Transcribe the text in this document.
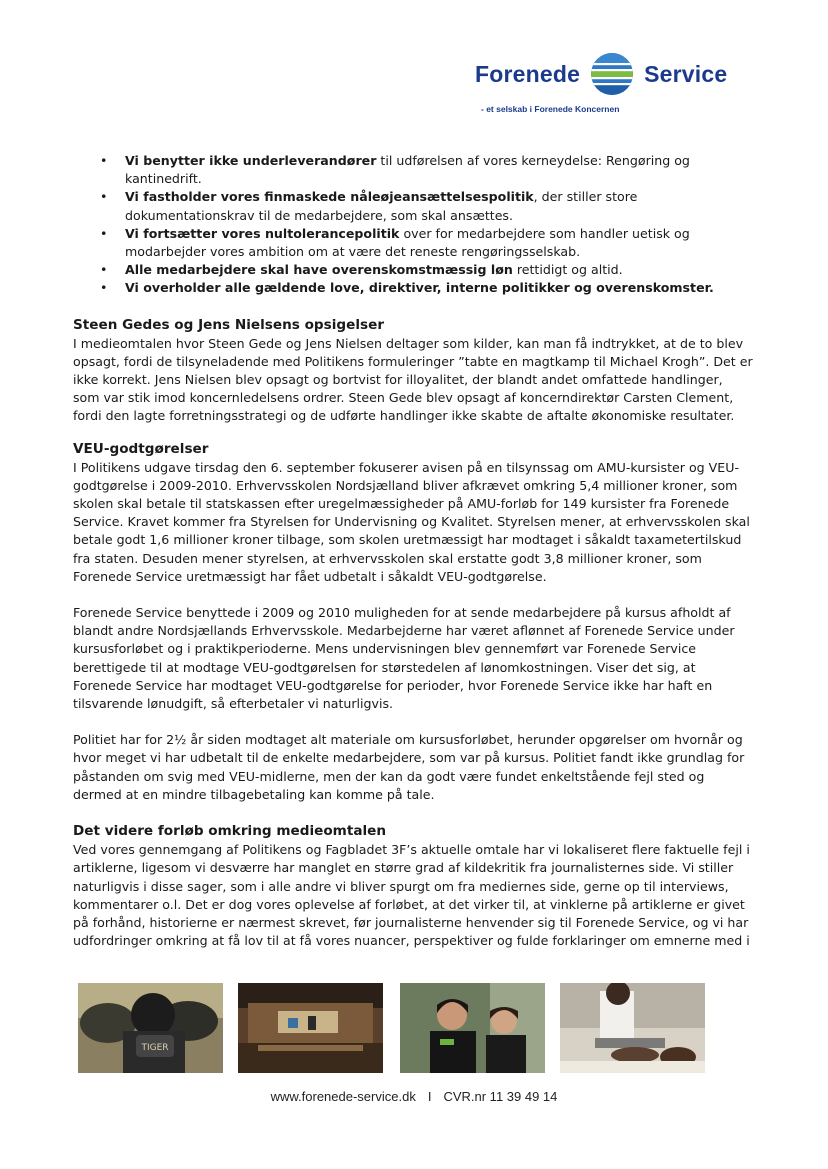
Forenede	Service
- et selskab i Forenede Koncernen
• Vi benytter ikke underleverandører til udførelsen af vores kerneydelse: Rengøring og kantinedrift.
• Vi fastholder vores finmaskede nåleøjeansættelsespolitik, der stiller store dokumentationskrav til de medarbejdere, som skal ansættes.
• Vi fortsætter vores nultolerancepolitik over for medarbejdere som handler uetisk og modarbejder vores ambition om at være det reneste rengøringsselskab.
• Alle medarbejdere skal have overenskomstmæssig løn rettidigt og altid.
• Vi overholder alle gældende love, direktiver, interne politikker og overenskomster.
Steen Gedes og Jens Nielsens opsigelser

I medieomtalen hvor Steen Gede og Jens Nielsen deltager som kilder, kan man få indtrykket, at de to blev opsagt, fordi de tilsyneladende med Politikens formuleringer ”tabte en magtkamp til Michael Krogh”. Det er ikke korrekt. Jens Nielsen blev opsagt og bortvist for illoyalitet, der blandt andet omfattede handlinger, som var stik imod koncernledelsens ordrer. Steen Gede blev opsagt af koncerndirektør Carsten Clement, fordi den lagte forretningsstrategi og de udførte handlinger ikke skabte de aftalte økonomiske resultater.

VEU-godtgørelser

I Politikens udgave tirsdag den 6. september fokuserer avisen på en tilsynssag om AMU-kursister og VEU-godtgørelse i 2009-2010. Erhvervsskolen Nordsjælland bliver afkrævet omkring 5,4 millioner kroner, som skolen skal betale til statskassen efter uregelmæssigheder på AMU-forløb for 149 kursister fra Forenede Service. Kravet kommer fra Styrelsen for Undervisning og Kvalitet. Styrelsen mener, at erhvervsskolen skal betale godt 1,6 millioner kroner tilbage, som skolen uretmæssigt har modtaget i såkaldt taxametertilskud fra staten. Desuden mener styrelsen, at erhvervsskolen skal erstatte godt 3,8 millioner kroner, som Forenede Service uretmæssigt har fået udbetalt i såkaldt VEU-godtgørelse.

Forenede Service benyttede i 2009 og 2010 muligheden for at sende medarbejdere på kursus afholdt af blandt andre Nordsjællands Erhvervsskole. Medarbejderne har været aflønnet af Forenede Service under kursusforløbet og i praktikperioderne. Mens undervisningen blev gennemført var Forenede Service berettigede til at modtage VEU-godtgørelsen for størstedelen af lønomkostningen. Viser det sig, at Forenede Service har modtaget VEU-godtgørelse for perioder, hvor Forenede Service ikke har haft en tilsvarende lønudgift, så efterbetaler vi naturligvis.

Politiet har for 2½ år siden modtaget alt materiale om kursusforløbet, herunder opgørelser om hvornår og hvor meget vi har udbetalt til de enkelte medarbejdere, som var på kursus. Politiet fandt ikke grundlag for påstanden om svig med VEU-midlerne, men der kan da godt være fundet enkeltstående fejl sted og dermed at en mindre tilbagebetaling kan komme på tale.

Det videre forløb omkring medieomtalen

Ved vores gennemgang af Politikens og Fagbladet 3F’s aktuelle omtale har vi lokaliseret flere faktuelle fejl i artiklerne, ligesom vi desværre har manglet en større grad af kildekritik fra journalisternes side. Vi stiller naturligvis i disse sager, som i alle andre vi bliver spurgt om fra mediernes side, gerne op til interviews, kommentarer o.l. Det er dog vores oplevelse af forløbet, at det virker til, at vinklerne på artiklerne er givet på forhånd, historierne er nærmest skrevet, før journalisterne henvender sig til Forenede Service, og vi har udfordringer omkring at få lov til at få vores nuancer, perspektiver og fulde forklaringer om emnerne med i

TIGER
www.forenede-service.dk I CVR.nr 11 39 49 14
